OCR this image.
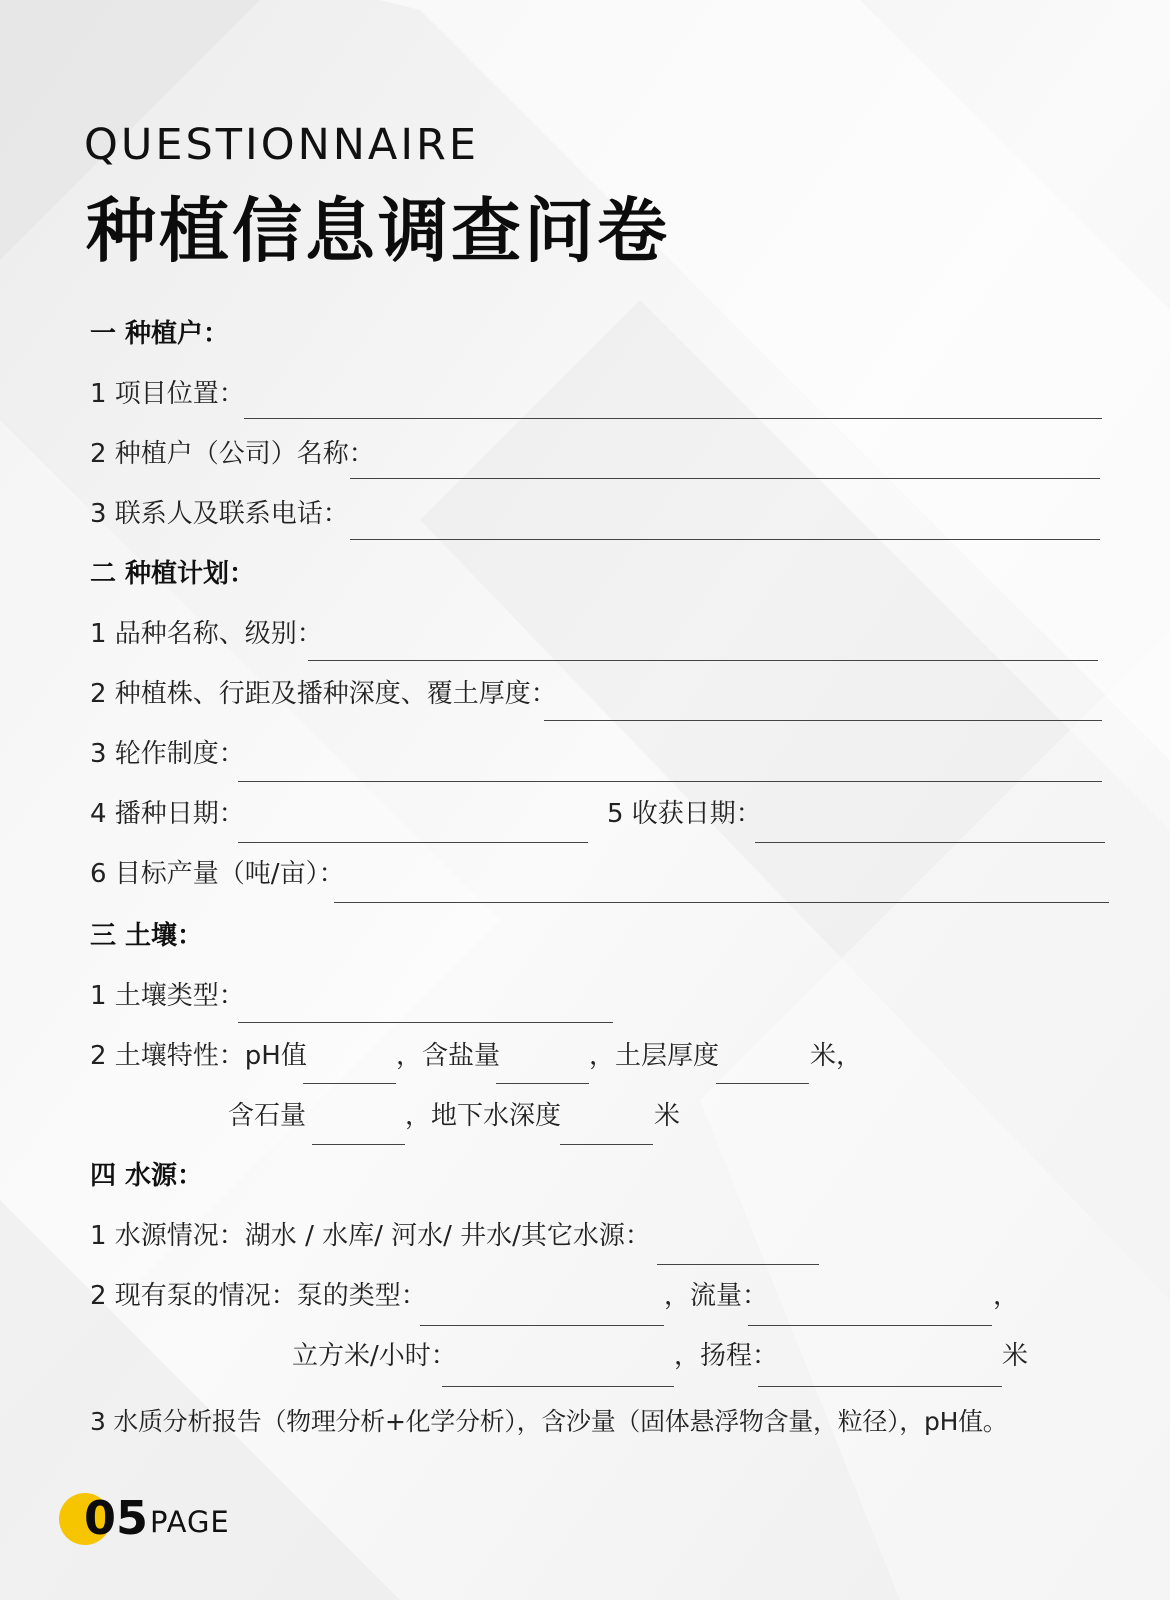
QUESTIONNAIRE
种植信息调查问卷
一 种植户：
1 项目位置：
2 种植户（公司）名称：
3 联系人及联系电话：
二 种植计划：
1 品种名称、级别：
2 种植株、行距及播种深度、覆土厚度：
3 轮作制度：
4 播种日期：	5 收获日期：
6 目标产量（吨/亩）：
三 土壤：
1 土壤类型：
2 土壤特性：pH值	，含盐量	，土层厚度	米，
含石量	，地下水深度	米
四 水源：
1 水源情况：湖水 / 水库/ 河水/ 井水/其它水源：
2 现有泵的情况：泵的类型：	，流量：	，
立方米/小时：	，扬程：	米
3 水质分析报告（物理分析+化学分析），含沙量（固体悬浮物含量，粒径），pH值。
05 PAGE
